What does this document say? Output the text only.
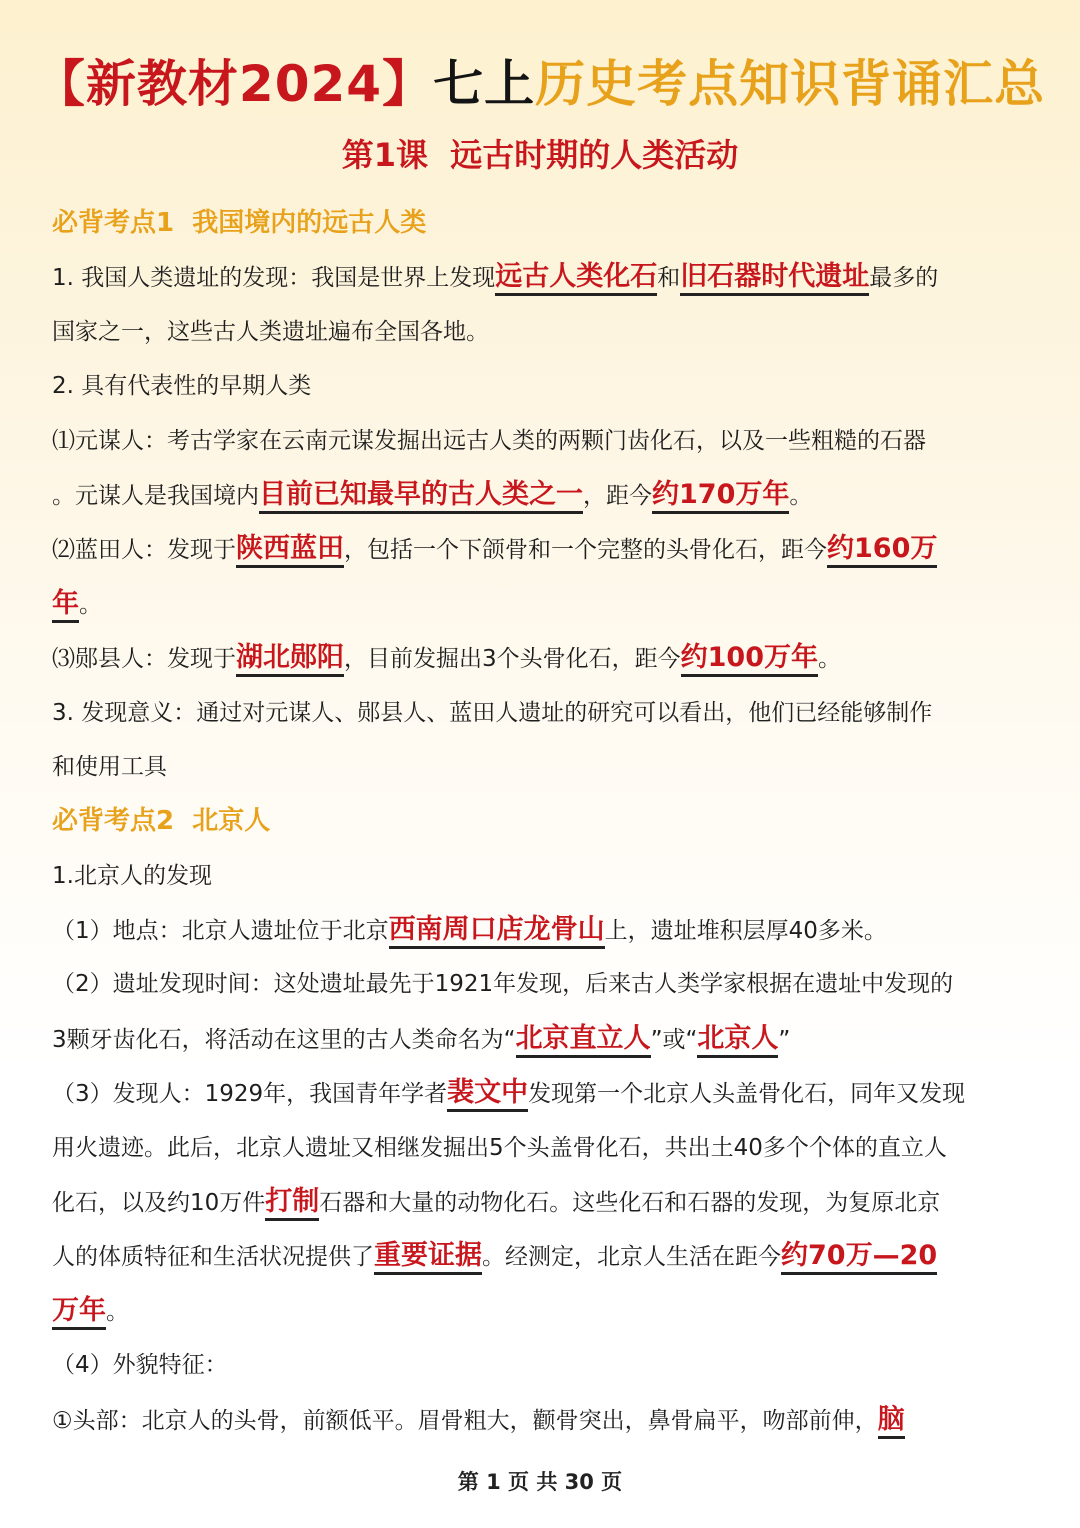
【新教材2024】七上历史考点知识背诵汇总
第1课  远古时期的人类活动
必背考点1  我国境内的远古人类
1. 我国人类遗址的发现：我国是世界上发现远古人类化石和旧石器时代遗址最多的
国家之一，这些古人类遗址遍布全国各地。
2. 具有代表性的早期人类
⑴元谋人：考古学家在云南元谋发掘出远古人类的两颗门齿化石，以及一些粗糙的石器
。元谋人是我国境内目前已知最早的古人类之一，距今约170万年。
⑵蓝田人：发现于陕西蓝田，包括一个下颌骨和一个完整的头骨化石，距今约160万
年。
⑶郧县人：发现于湖北郧阳，目前发掘出3个头骨化石，距今约100万年。
3. 发现意义：通过对元谋人、郧县人、蓝田人遗址的研究可以看出，他们已经能够制作
和使用工具
必背考点2  北京人
1.北京人的发现
（1）地点：北京人遗址位于北京西南周口店龙骨山上，遗址堆积层厚40多米。
（2）遗址发现时间：这处遗址最先于1921年发现，后来古人类学家根据在遗址中发现的
3颗牙齿化石，将活动在这里的古人类命名为“北京直立人”或“北京人”
（3）发现人：1929年，我国青年学者裴文中发现第一个北京人头盖骨化石，同年又发现
用火遗迹。此后，北京人遗址又相继发掘出5个头盖骨化石，共出土40多个个体的直立人
化石，以及约10万件打制石器和大量的动物化石。这些化石和石器的发现，为复原北京
人的体质特征和生活状况提供了重要证据。经测定，北京人生活在距今约70万—20
万年。
（4）外貌特征：
①头部：北京人的头骨，前额低平。眉骨粗大，颧骨突出，鼻骨扁平，吻部前伸，脑
第 1 页 共 30 页
